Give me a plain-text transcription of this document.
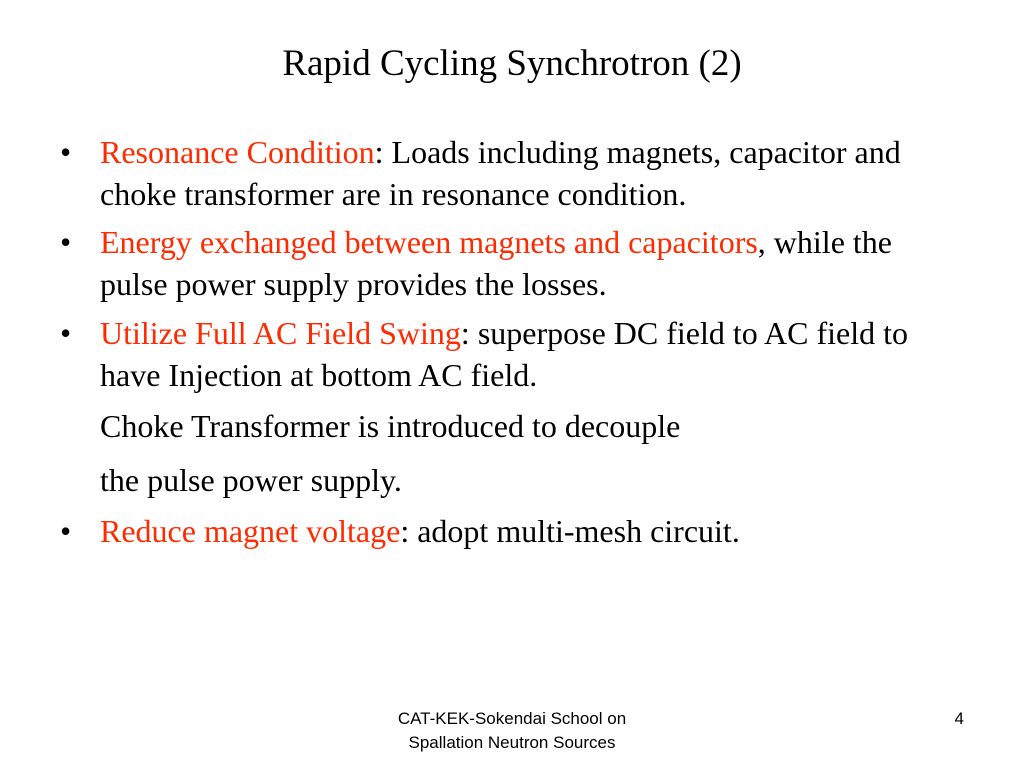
Rapid Cycling Synchrotron (2)
• Resonance Condition: Loads including magnets, capacitor and choke transformer are in resonance condition.
• Energy exchanged between magnets and capacitors, while the pulse power supply provides the losses.
• Utilize Full AC Field Swing: superpose DC field to AC field to have Injection at bottom AC field.
Choke Transformer is introduced to decouple
the pulse power supply.
• Reduce magnet voltage: adopt multi-mesh circuit.
CAT-KEK-Sokendai School on
Spallation Neutron Sources
4
